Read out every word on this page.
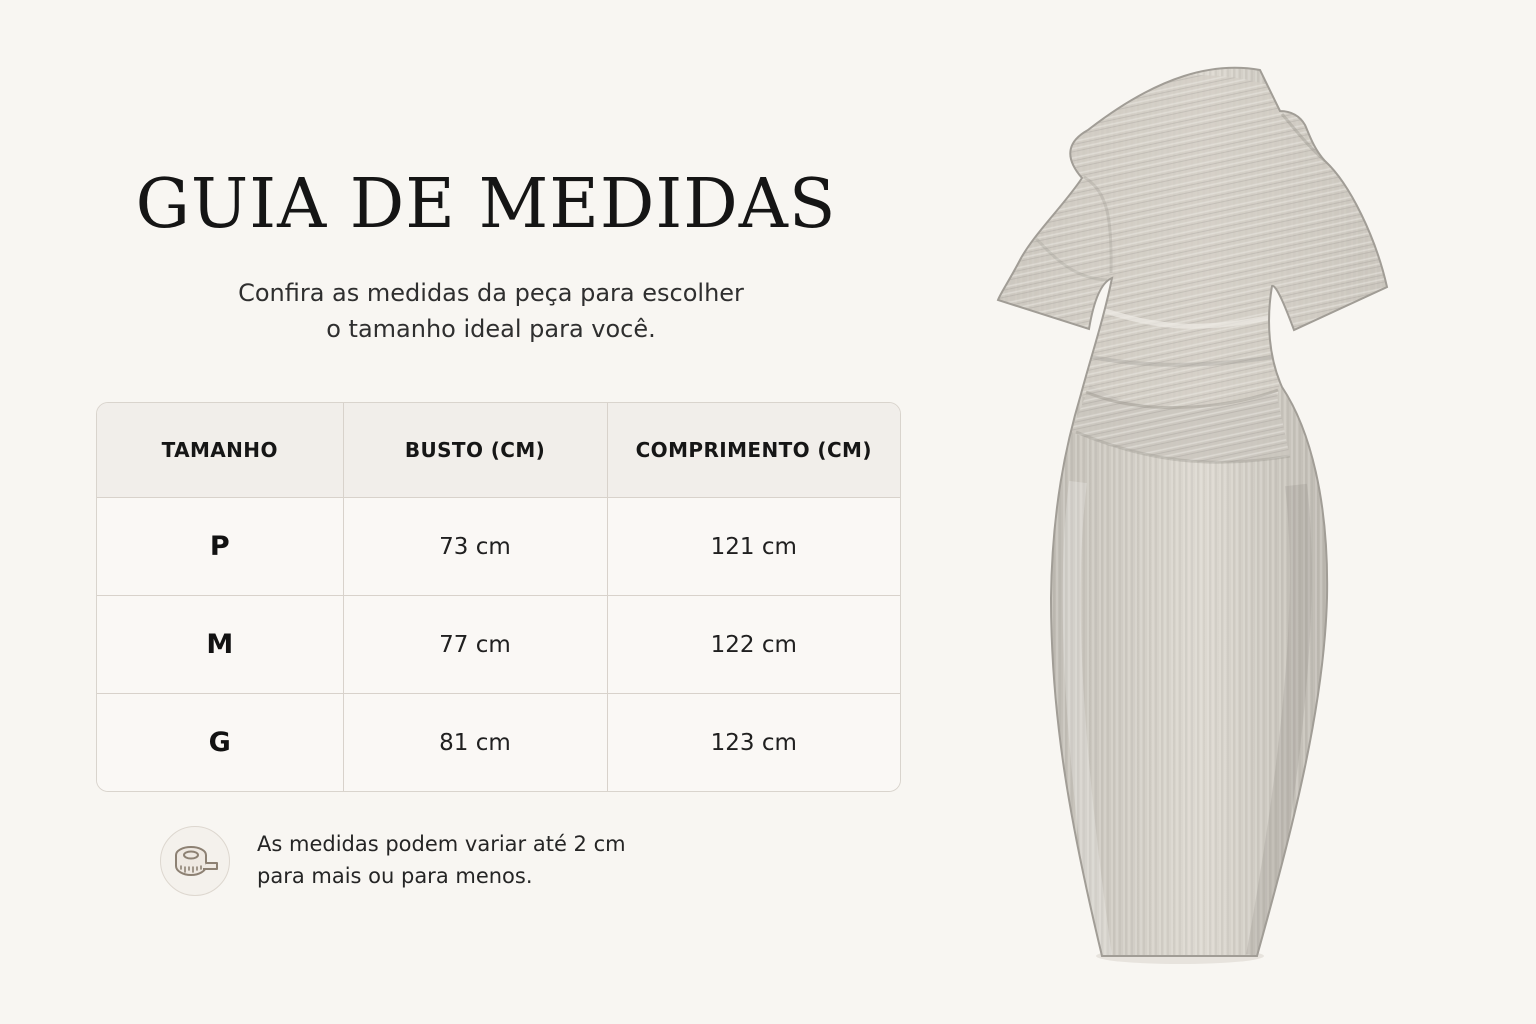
GUIA DE MEDIDAS
Confira as medidas da peça para escolher
o tamanho ideal para você.
TAMANHO	BUSTO (CM)	COMPRIMENTO (CM)
P	73 cm	121 cm
M	77 cm	122 cm
G	81 cm	123 cm
As medidas podem variar até 2 cm
para mais ou para menos.
